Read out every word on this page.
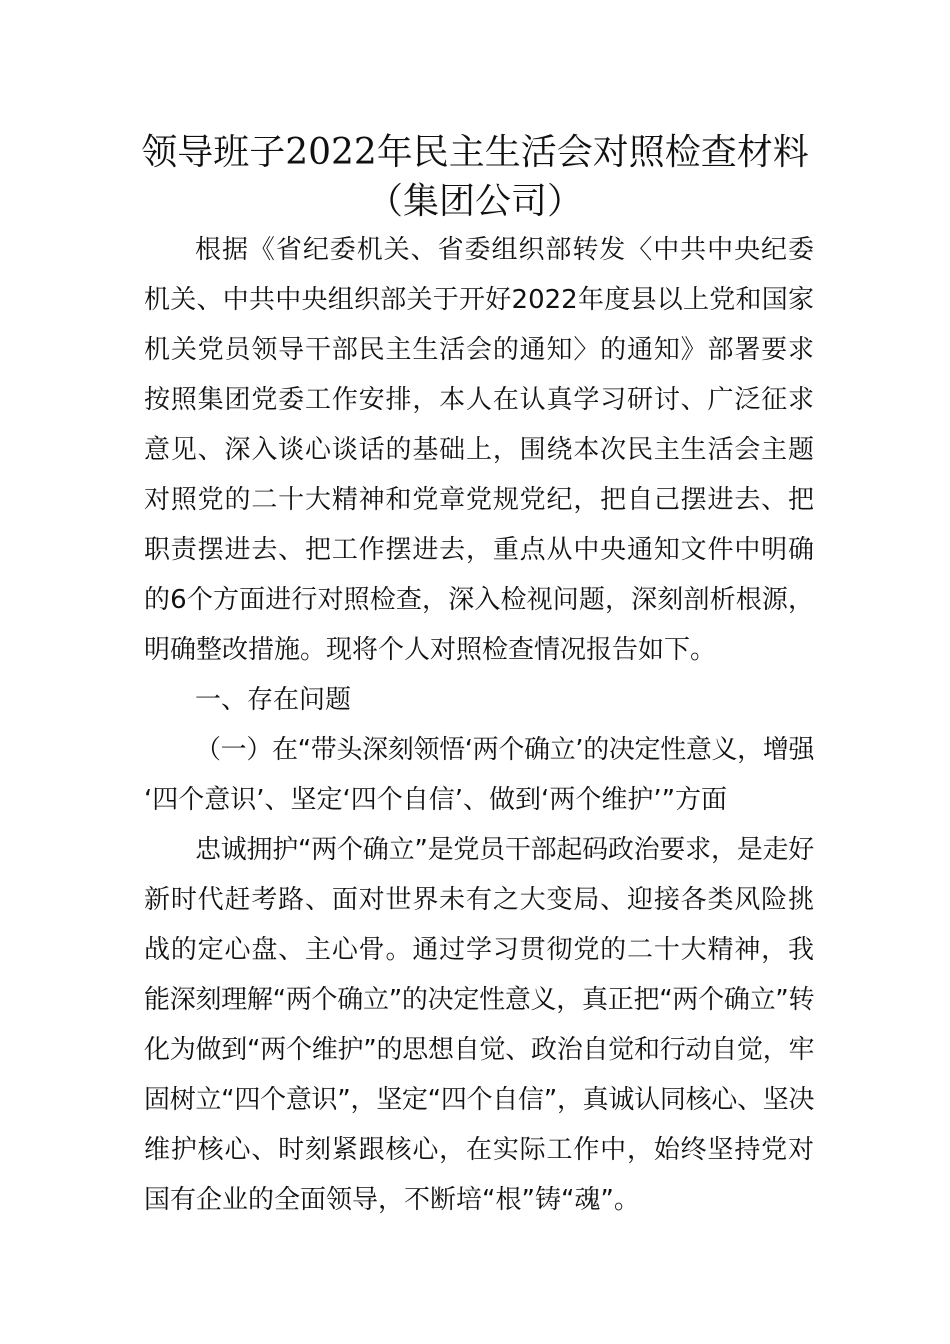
领导班子2022年民主生活会对照检查材料
（集团公司）
根据《省纪委机关、省委组织部转发〈中共中央纪委
机关、中共中央组织部关于开好2022年度县以上党和国家
机关党员领导干部民主生活会的通知〉的通知》部署要求
按照集团党委工作安排，本人在认真学习研讨、广泛征求
意见、深入谈心谈话的基础上，围绕本次民主生活会主题
对照党的二十大精神和党章党规党纪，把自己摆进去、把
职责摆进去、把工作摆进去，重点从中央通知文件中明确
的6个方面进行对照检查，深入检视问题，深刻剖析根源，
明确整改措施。现将个人对照检查情况报告如下。
一、存在问题
（一）在“带头深刻领悟‘两个确立’的决定性意义，增强
‘四个意识’、坚定‘四个自信’、做到‘两个维护’”方面
忠诚拥护“两个确立”是党员干部起码政治要求，是走好
新时代赶考路、面对世界未有之大变局、迎接各类风险挑
战的定心盘、主心骨。通过学习贯彻党的二十大精神，我
能深刻理解“两个确立”的决定性意义，真正把“两个确立”转
化为做到“两个维护”的思想自觉、政治自觉和行动自觉，牢
固树立“四个意识”，坚定“四个自信”，真诚认同核心、坚决
维护核心、时刻紧跟核心，在实际工作中，始终坚持党对
国有企业的全面领导，不断培“根”铸“魂”。
